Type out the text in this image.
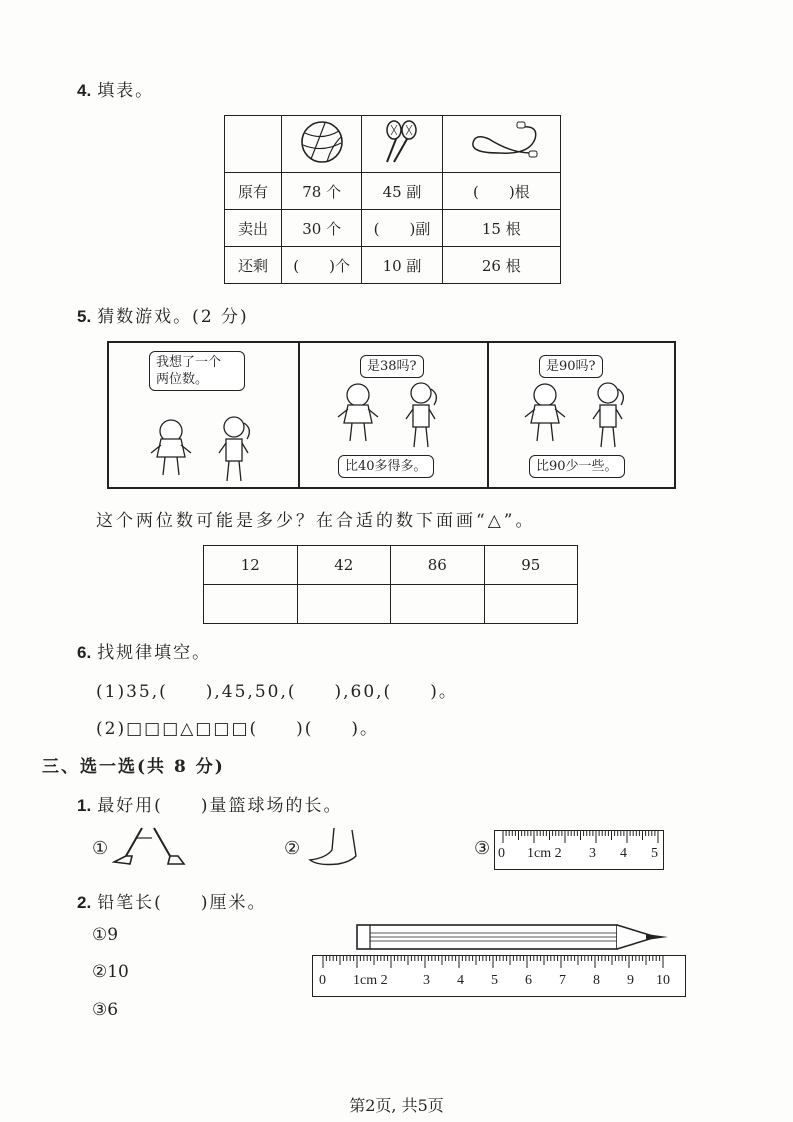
4. 填表。

原有	78 个	45 副	(　　)根
卖出	30 个	(　　)副	15 根
还剩	(　　)个	10 副	26 根
5. 猜数游戏。(2 分)
我想了一个
两位数。
是38吗?
比40多得多。
是90吗?
比90少一些。
这个两位数可能是多少？在合适的数下面画“△”。
12	42	86	95

6. 找规律填空。
(1)35,(　　),45,50,(　　),60,(　　)。
(2)□□□△□□□(　　)(　　)。
三、选一选(共 8 分)
1. 最好用(　　)量篮球场的长。
①	②	③ 0 1cm 2 3 4 5
2. 铅笔长(　　)厘米。
①9
②10
③6
0 1cm 2	3 4 5 6 7 8 9 10
第2页, 共5页
